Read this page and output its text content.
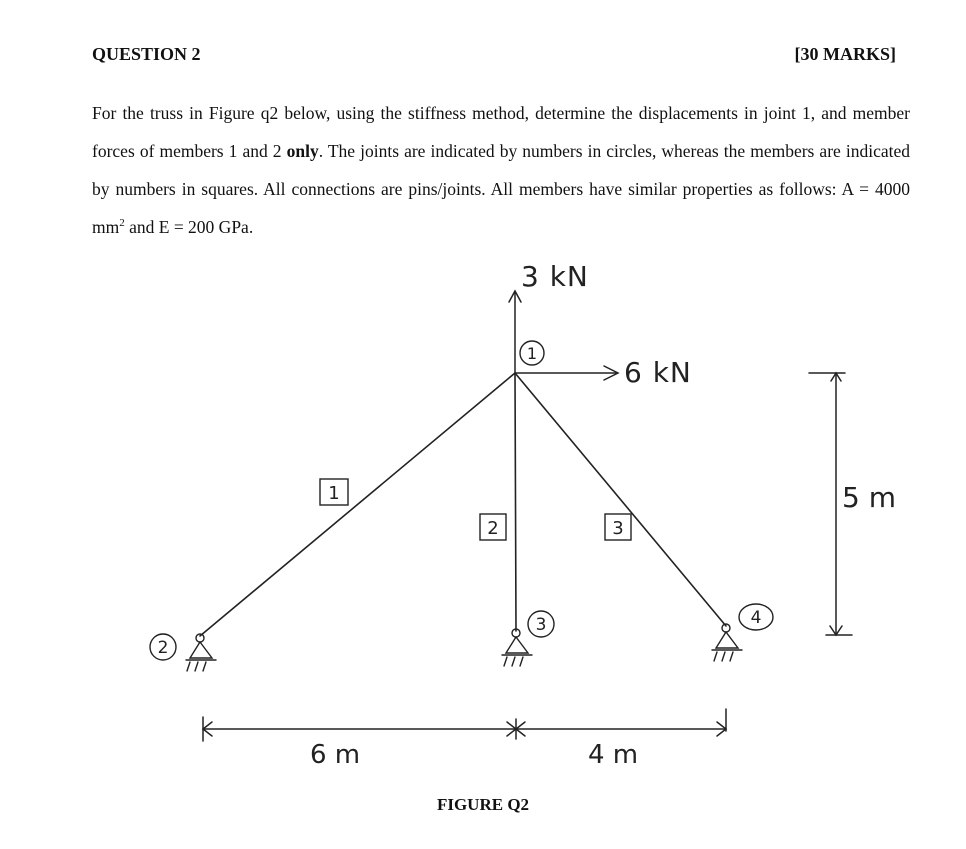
QUESTION 2	[30 MARKS]
For the truss in Figure q2 below, using the stiffness method, determine the displacements in joint 1, and member forces of members 1 and 2 only. The joints are indicated by numbers in circles, whereas the members are indicated by numbers in squares. All connections are pins/joints. All members have similar properties as follows: A = 4000 $mm^2$ and E = 200 GPa.
3 kN
6 kN
1
1
2	3
2
3	4
5 m
6 m	4 m
FIGURE Q2
